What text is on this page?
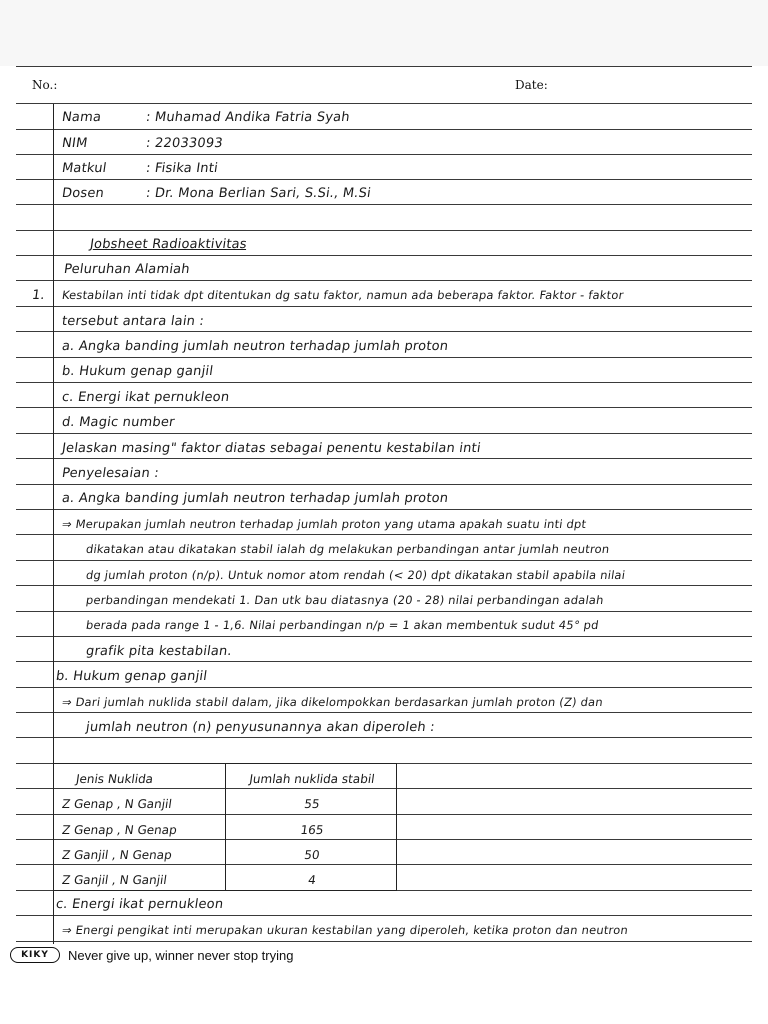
No.:	Date:
Nama	: Muhamad Andika Fatria Syah
NIM	: 22033093
Matkul	: Fisika Inti
Dosen	: Dr. Mona Berlian Sari, S.Si., M.Si
Jobsheet Radioaktivitas
Peluruhan Alamiah
1. Kestabilan inti tidak dpt ditentukan dg satu faktor, namun ada beberapa faktor. Faktor - faktor
tersebut antara lain :
a. Angka banding jumlah neutron terhadap jumlah proton
b. Hukum genap ganjil
c. Energi ikat pernukleon
d. Magic number
Jelaskan masing" faktor diatas sebagai penentu kestabilan inti
Penyelesaian :
a. Angka banding jumlah neutron terhadap jumlah proton
⇒ Merupakan jumlah neutron terhadap jumlah proton yang utama apakah suatu inti dpt
dikatakan atau dikatakan stabil ialah dg melakukan perbandingan antar jumlah neutron
dg jumlah proton (n/p). Untuk nomor atom rendah (< 20) dpt dikatakan stabil apabila nilai
perbandingan mendekati 1. Dan utk bau diatasnya (20 - 28) nilai perbandingan adalah
berada pada range 1 - 1,6. Nilai perbandingan n/p = 1 akan membentuk sudut 45° pd
grafik pita kestabilan.
b. Hukum genap ganjil
⇒ Dari jumlah nuklida stabil dalam, jika dikelompokkan berdasarkan jumlah proton (Z) dan
jumlah neutron (n) penyusunannya akan diperoleh :
Jenis Nuklida	Jumlah nuklida stabil
Z Genap , N Ganjil	55
Z Genap , N Genap	165
Z Ganjil , N Genap	50
Z Ganjil , N Ganjil	4
c. Energi ikat pernukleon
⇒ Energi pengikat inti merupakan ukuran kestabilan yang diperoleh, ketika proton dan neutron
KIKY	Never give up, winner never stop trying
